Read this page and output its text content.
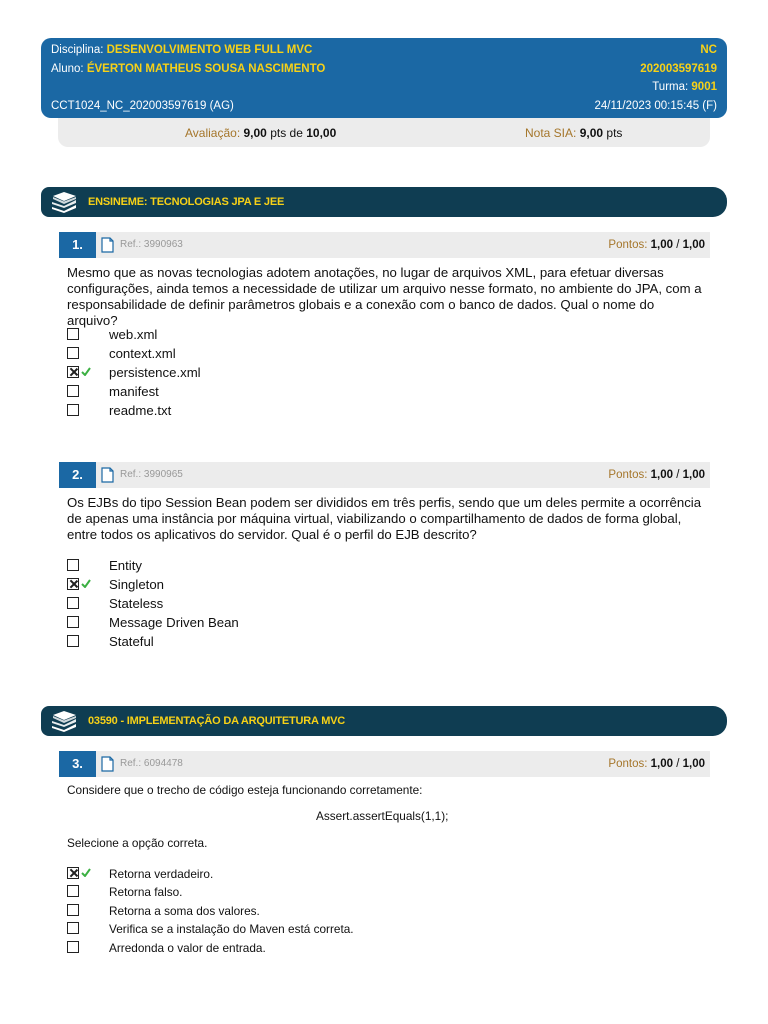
Disciplina: DESENVOLVIMENTO WEB FULL MVC	NC
Aluno: ÉVERTON MATHEUS SOUSA NASCIMENTO	202003597619
Turma: 9001
CCT1024_NC_202003597619 (AG)	24/11/2023 00:15:45 (F)
Avaliação: 9,00 pts de 10,00	Nota SIA: 9,00 pts
ENSINEME: TECNOLOGIAS JPA E JEE
1.	Ref.: 3990963	Pontos: 1,00 / 1,00
Mesmo que as novas tecnologias adotem anotações, no lugar de arquivos XML, para efetuar diversas configurações, ainda temos a necessidade de utilizar um arquivo nesse formato, no ambiente do JPA, com a responsabilidade de definir parâmetros globais e a conexão com o banco de dados. Qual o nome do arquivo?
web.xml
context.xml
persistence.xml
manifest
readme.txt
2.	Ref.: 3990965	Pontos: 1,00 / 1,00
Os EJBs do tipo Session Bean podem ser divididos em três perfis, sendo que um deles permite a ocorrência de apenas uma instância por máquina virtual, viabilizando o compartilhamento de dados de forma global, entre todos os aplicativos do servidor. Qual é o perfil do EJB descrito?
Entity
Singleton
Stateless
Message Driven Bean
Stateful
03590 - IMPLEMENTAÇÃO DA ARQUITETURA MVC
3.	Ref.: 6094478	Pontos: 1,00 / 1,00
Considere que o trecho de código esteja funcionando corretamente:
Assert.assertEquals(1,1);
Selecione a opção correta.
Retorna verdadeiro.
Retorna falso.
Retorna a soma dos valores.
Verifica se a instalação do Maven está correta.
Arredonda o valor de entrada.
